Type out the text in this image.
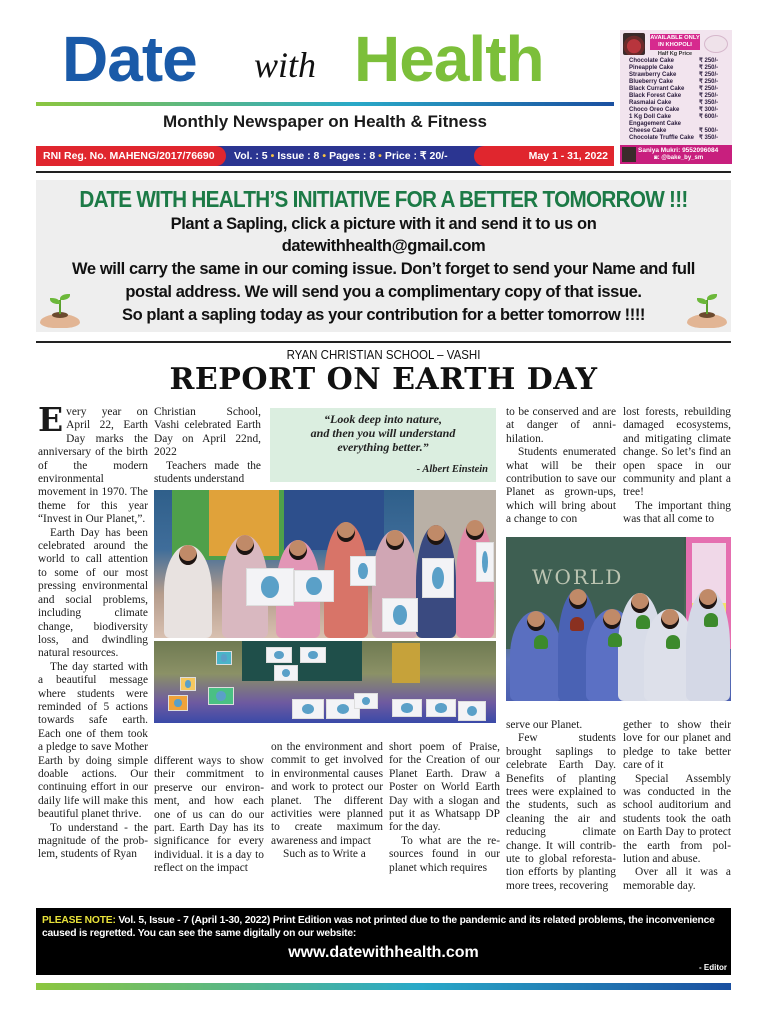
Date with Health
Monthly Newspaper on Health & Fitness
RNI Reg. No. MAHENG/2017/76690	Vol. : 5 • Issue : 8 • Pages : 8 • Price : ₹ 20/-	May 1 - 31, 2022
AVAILABLE ONLY IN KHOPOLI
Half Kg Price
Chocolate Cake	₹ 250/-
Pineapple Cake	₹ 250/-
Strawberry Cake	₹ 250/-
Blueberry Cake	₹ 250/-
Black Currant Cake ₹ 250/-
Black Forest Cake	₹ 250/-
Rasmalai Cake	₹ 350/-
Choco Oreo Cake	₹ 300/-
1 Kg Doll Cake	₹ 600/-
Engagement Cake
Cheese Cake	₹ 500/-
Chocolate Truffle Cake ₹ 350/-
Saniya Mukri: 9552096084
◙: @bake_by_sm
DATE WITH HEALTH’S INITIATIVE FOR A BETTER TOMORROW !!!
Plant a Sapling, click a picture with it and send it to us on
datewithhealth@gmail.com
We will carry the same in our coming issue. Don’t forget to send your Name and full
postal address. We will send you a complimentary copy of that issue.
So plant a sapling today as your contribution for a better tomorrow !!!!
RYAN CHRISTIAN SCHOOL – VASHI
REPORT ON EARTH DAY

Every year on April 22, Earth Day marks the anniversary of the birth of the modern environmental movement in 1970. The theme for this year “Invest in Our Planet,”.

Earth Day has been celebrated around the world to call attention to some of our most pressing environmental and social problems, including climate change, biodiversity loss, and dwindling natural resources.

The day started with a beautiful message where students were reminded of 5 actions towards safe earth. Each one of them took a pledge to save Mother Earth by doing simple doable actions. Our continuing effort in our daily life will make this beautiful planet thrive.

To understand - the magnitude of the problem, students of Ryan

Christian School, Vashi celebrated Earth Day on April 22nd, 2022

Teachers made the students understand

“Look deep into nature,
and then you will understand
everything better.”
- Albert Einstein
WORLD

different ways to show their commitment to preserve our environment, and how each one of us can do our part. Earth Day has its significance for every individual. it is a day to reflect on the impact

on the environment and commit to get involved in environmental causes and work to protect our planet. The different activities were planned to create maximum awareness and impact

Such as to Write a

short poem of Praise, for the Creation of our Planet Earth. Draw a Poster on World Earth Day with a slogan and put it as Whatsapp DP for the day.

To what are the resources found in our planet which requires

to be conserved and are at danger of annihilation.

Students enumerated what will be their contribution to save our Planet as grown-ups, which will bring about a change to con

lost forests, rebuilding damaged ecosystems, and mitigating climate change. So let’s find an open space in our community and plant a tree!

The important thing was that all come to

serve our Planet.

Few students brought saplings to celebrate Earth Day. Benefits of planting trees were explained to the students, such as cleaning the air and reducing climate change. It will contribute to global reforestation efforts by planting more trees, recovering

gether to show their love for our planet and pledge to take better care of it

Special Assembly was conducted in the school auditorium and students took the oath on Earth Day to protect the earth from pollution and abuse.

Over all it was a memorable day.

PLEASE NOTE: Vol. 5, Issue - 7 (April 1-30, 2022) Print Edition was not printed due to the pandemic and its related problems, the inconvenience caused is regretted. You can see the same digitally on our website:
www.datewithhealth.com
- Editor
